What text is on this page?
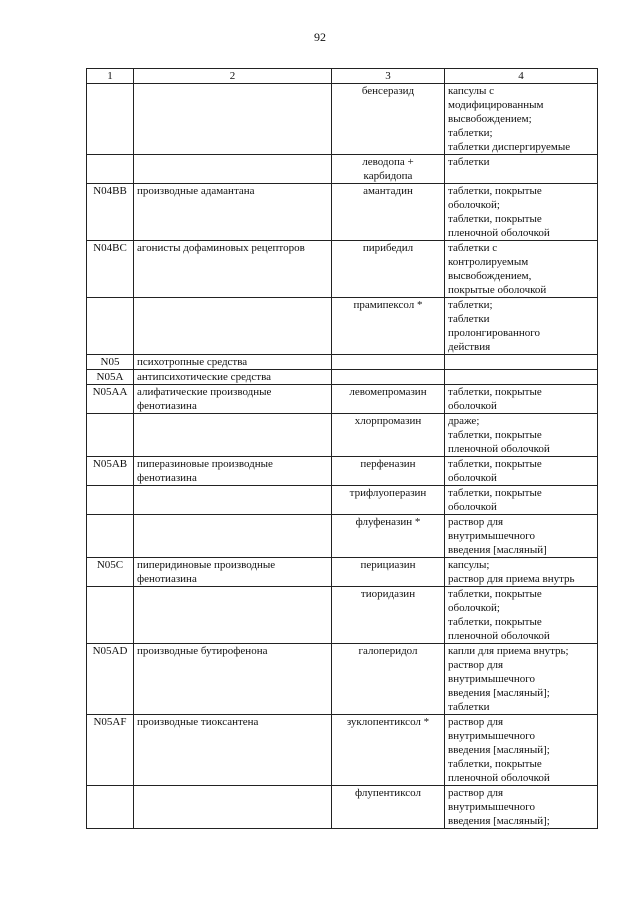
92
1	2	3	4

		бенсеразид	капсулы с
модифицированным
высвобождением;
таблетки;
таблетки диспергируемые

		леводопа +
карбидопа	таблетки

N04BB	производные адамантана	амантадин	таблетки, покрытые
оболочкой;
таблетки, покрытые
пленочной оболочкой

N04BC	агонисты дофаминовых рецепторов	пирибедил	таблетки с
контролируемым
высвобождением,
покрытые оболочкой

		прамипексол *	таблетки;
таблетки
пролонгированного
действия

N05	психотропные средства		

N05A	антипсихотические средства		

N05AA	алифатические производные
фенотиазина	левомепромазин	таблетки, покрытые
оболочкой

		хлорпромазин	драже;
таблетки, покрытые
пленочной оболочкой

N05AB	пиперазиновые производные
фенотиазина	перфеназин	таблетки, покрытые
оболочкой

		трифлуоперазин	таблетки, покрытые
оболочкой

		флуфеназин *	раствор для
внутримышечного
введения [масляный]

N05C	пиперидиновые производные
фенотиазина	перициазин	капсулы;
раствор для приема внутрь

		тиоридазин	таблетки, покрытые
оболочкой;
таблетки, покрытые
пленочной оболочкой

N05AD	производные бутирофенона	галоперидол	капли для приема внутрь;
раствор для
внутримышечного
введения [масляный];
таблетки

N05AF	производные тиоксантена	зуклопентиксол *	раствор для
внутримышечного
введения [масляный];
таблетки, покрытые
пленочной оболочкой

		флупентиксол	раствор для
внутримышечного
введения [масляный];
